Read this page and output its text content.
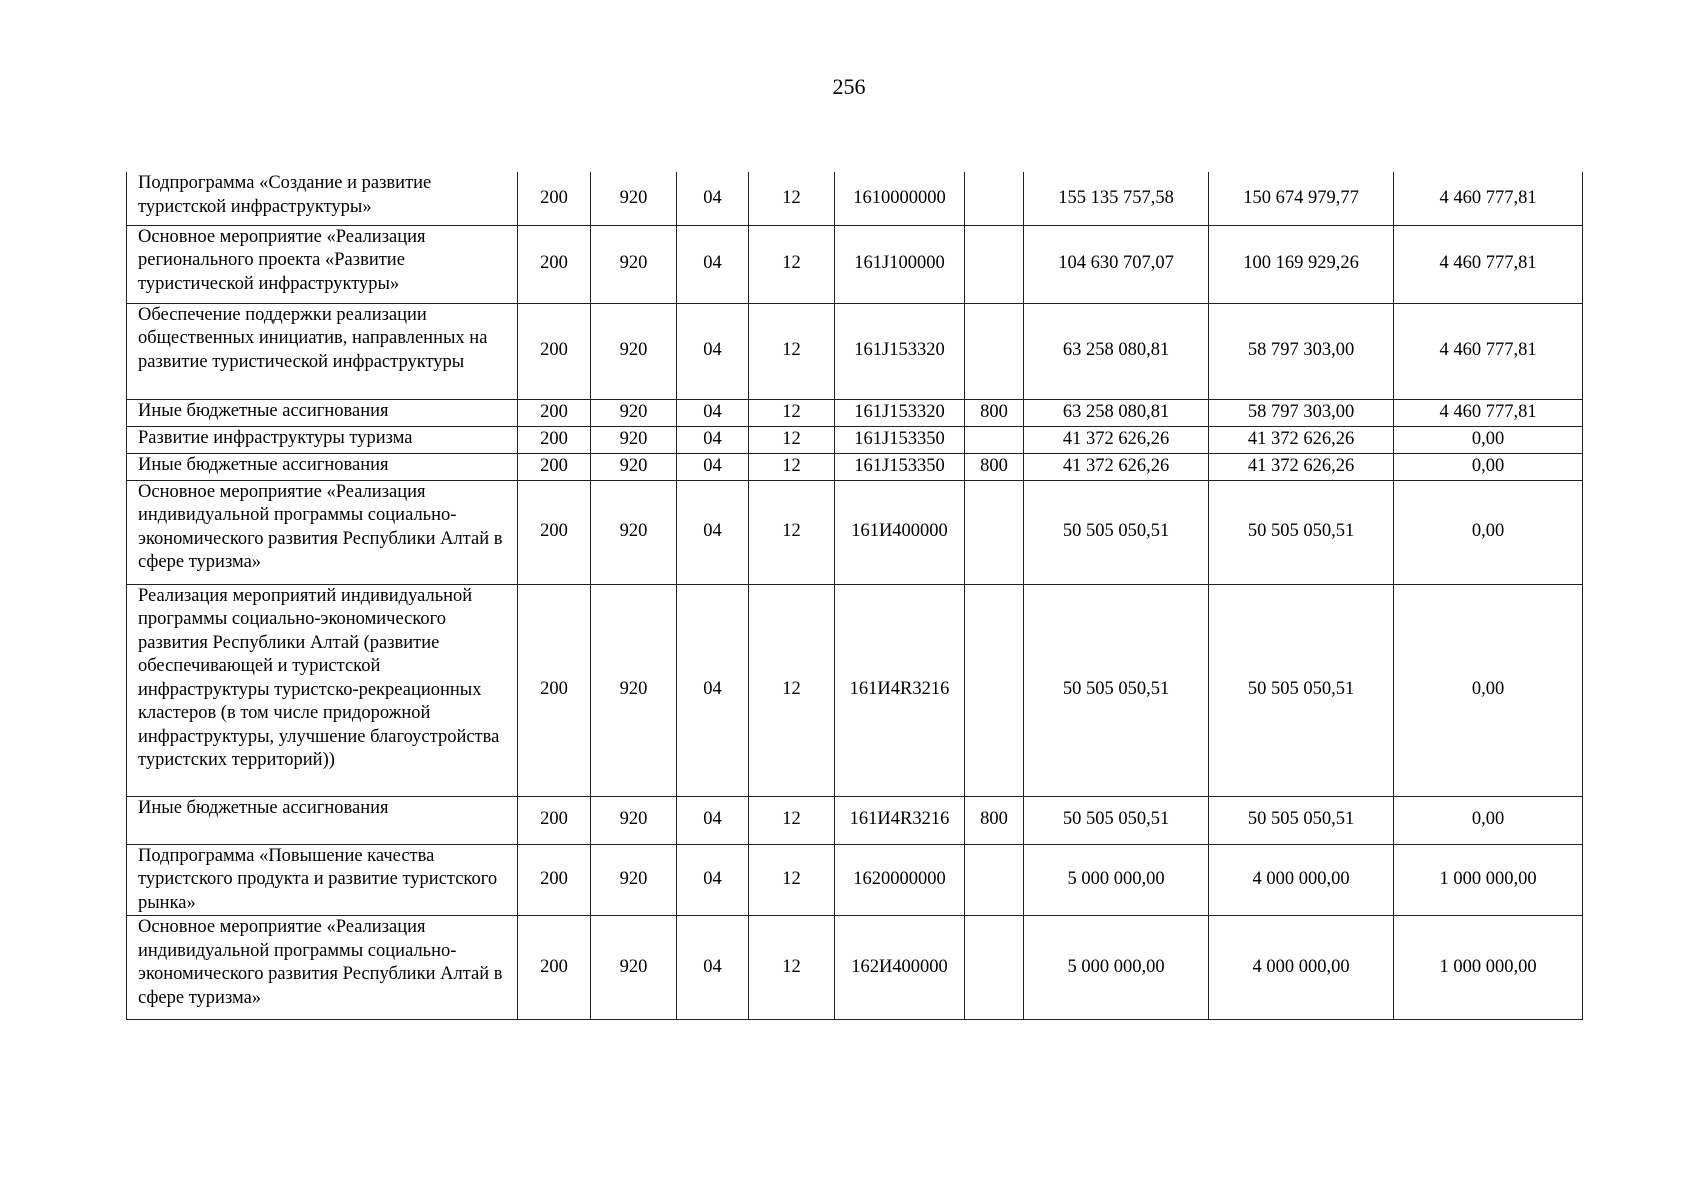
256
Подпрограмма «Создание и развитие туристской инфраструктуры»	200	920	04	12	1610000000		155 135 757,58	150 674 979,77	4 460 777,81
Основное мероприятие «Реализация регионального проекта «Развитие туристической инфраструктуры»	200	920	04	12	161J100000		104 630 707,07	100 169 929,26	4 460 777,81
Обеспечение поддержки реализации общественных инициатив, направленных на развитие туристической инфраструктуры	200	920	04	12	161J153320		63 258 080,81	58 797 303,00	4 460 777,81
Иные бюджетные ассигнования	200	920	04	12	161J153320	800	63 258 080,81	58 797 303,00	4 460 777,81
Развитие инфраструктуры туризма	200	920	04	12	161J153350		41 372 626,26	41 372 626,26	0,00
Иные бюджетные ассигнования	200	920	04	12	161J153350	800	41 372 626,26	41 372 626,26	0,00
Основное мероприятие «Реализация индивидуальной программы социально-экономического развития Республики Алтай в сфере туризма»	200	920	04	12	161И400000		50 505 050,51	50 505 050,51	0,00
Реализация мероприятий индивидуальной программы социально-экономического развития Республики Алтай (развитие обеспечивающей и туристской инфраструктуры туристско-рекреационных кластеров (в том числе придорожной инфраструктуры, улучшение благоустройства туристских территорий))	200	920	04	12	161И4R3216		50 505 050,51	50 505 050,51	0,00
Иные бюджетные ассигнования	200	920	04	12	161И4R3216	800	50 505 050,51	50 505 050,51	0,00
Подпрограмма «Повышение качества туристского продукта и развитие туристского рынка»	200	920	04	12	1620000000		5 000 000,00	4 000 000,00	1 000 000,00
Основное мероприятие «Реализация индивидуальной программы социально-экономического развития Республики Алтай в сфере туризма»	200	920	04	12	162И400000		5 000 000,00	4 000 000,00	1 000 000,00
